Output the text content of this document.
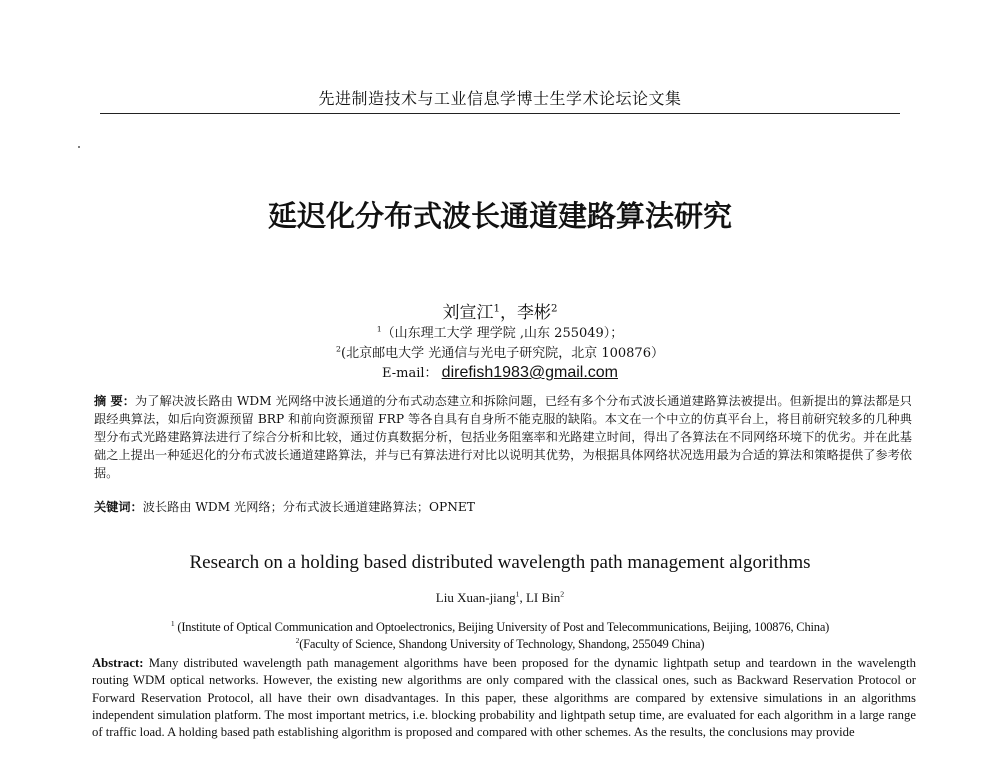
先进制造技术与工业信息学博士生学术论坛论文集
延迟化分布式波长通道建路算法研究
刘宣江$^1$，李彬$^2$
$^1$（山东理工大学 理学院 ,山东 255049）；
$^2$(北京邮电大学 光通信与光电子研究院，北京 100876）
E-mail： direfish1983@gmail.com
摘 要：为了解决波长路由 WDM 光网络中波长通道的分布式动态建立和拆除问题，已经有多个分布式波长通道建路算法被提出。但新提出的算法都是只跟经典算法，如后向资源预留 BRP 和前向资源预留 FRP 等各自具有自身所不能克服的缺陷。本文在一个中立的仿真平台上，将目前研究较多的几种典型分布式光路建路算法进行了综合分析和比较，通过仿真数据分析，包括业务阻塞率和光路建立时间，得出了各算法在不同网络环境下的优劣。并在此基础之上提出一种延迟化的分布式波长通道建路算法，并与已有算法进行对比以说明其优势，为根据具体网络状况选用最为合适的算法和策略提供了参考依据。
关键词：波长路由 WDM 光网络；分布式波长通道建路算法；OPNET
Research on a holding based distributed wavelength path management algorithms
Liu Xuan-jiang$^1$, LI Bin$^2$
$^1$ (Institute of Optical Communication and Optoelectronics, Beijing University of Post and Telecommunications, Beijing, 100876, China)
$^2$(Faculty of Science, Shandong University of Technology, Shandong, 255049 China)

Abstract: Many distributed wavelength path management algorithms have been proposed for the dynamic lightpath setup and teardown in the wavelength routing WDM optical networks. However, the existing new algorithms are only compared with the classical ones, such as Backward Reservation Protocol or Forward Reservation Protocol, all have their own disadvantages. In this paper, these algorithms are compared by extensive simulations in an algorithms independent simulation platform. The most important metrics, i.e. blocking probability and lightpath setup time, are evaluated for each algorithm in a large range of traffic load. A holding based path establishing algorithm is proposed and compared with other schemes. As the results, the conclusions may provide
